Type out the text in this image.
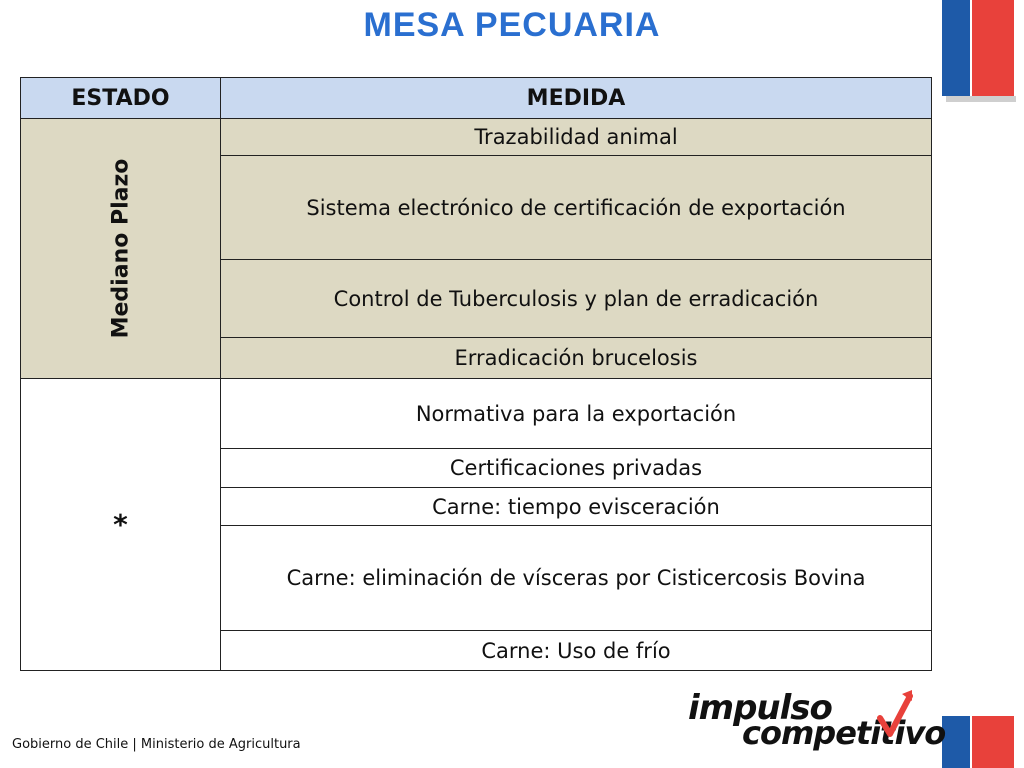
MESA PECUARIA
ESTADO	MEDIDA
Mediano Plazo	Trazabilidad animal
	Sistema electrónico de certificación de exportación
	Control de Tuberculosis y plan de erradicación
	Erradicación brucelosis
*	Normativa para la exportación
	Certificaciones privadas
	Carne: tiempo evisceración
	Carne: eliminación de vísceras por Cisticercosis Bovina
	Carne: Uso de frío
impulso
competitivo
Gobierno de Chile | Ministerio de Agricultura
